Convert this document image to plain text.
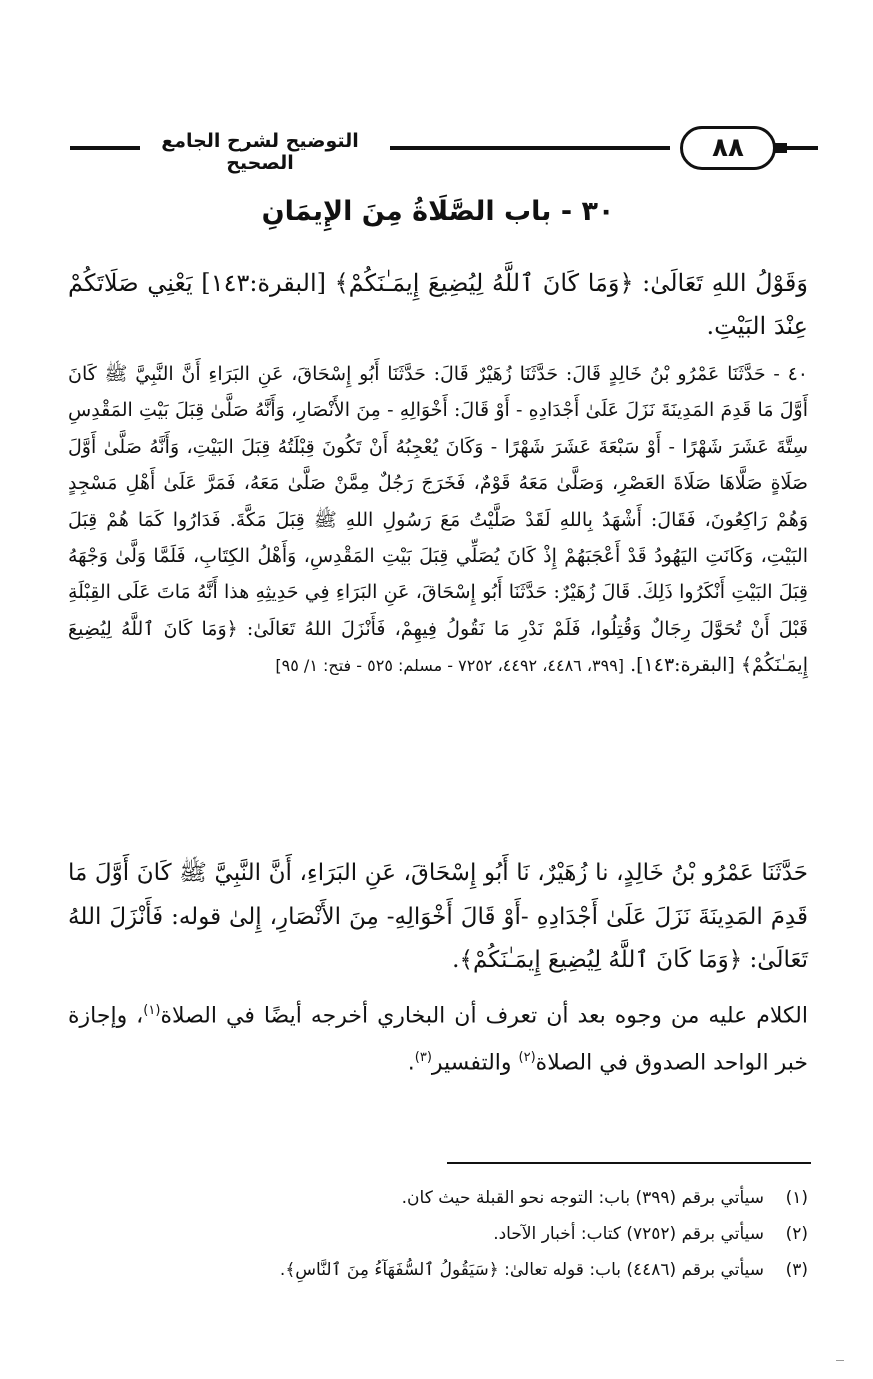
التوضيح لشرح الجامع الصحيح	٨٨
٣٠ - باب الصَّلَاةُ مِنَ الإِيمَانِ
وَقَوْلُ اللهِ تَعَالَىٰ: ﴿وَمَا كَانَ ٱللَّهُ لِيُضِيعَ إِيمَـٰنَكُمْ﴾ [البقرة:١٤٣] يَعْنِي صَلَاتَكُمْ عِنْدَ البَيْتِ.
٤٠ - حَدَّثَنَا عَمْرُو بْنُ خَالِدٍ قَالَ: حَدَّثَنَا زُهَيْرٌ قَالَ: حَدَّثَنَا أَبُو إِسْحَاقَ، عَنِ البَرَاءِ أَنَّ النَّبِيَّ ﷺ كَانَ أَوَّلَ مَا قَدِمَ المَدِينَةَ نَزَلَ عَلَىٰ أَجْدَادِهِ - أَوْ قَالَ: أَخْوَالِهِ - مِنَ الأَنْصَارِ، وَأَنَّهُ صَلَّىٰ قِبَلَ بَيْتِ المَقْدِسِ سِتَّةَ عَشَرَ شَهْرًا - أَوْ سَبْعَةَ عَشَرَ شَهْرًا - وَكَانَ يُعْجِبُهُ أَنْ تَكُونَ قِبْلَتُهُ قِبَلَ البَيْتِ، وَأَنَّهُ صَلَّىٰ أَوَّلَ صَلَاةٍ صَلَّاهَا صَلَاةَ العَصْرِ، وَصَلَّىٰ مَعَهُ قَوْمٌ، فَخَرَجَ رَجُلٌ مِمَّنْ صَلَّىٰ مَعَهُ، فَمَرَّ عَلَىٰ أَهْلِ مَسْجِدٍ وَهُمْ رَاكِعُونَ، فَقَالَ: أَشْهَدُ بِاللهِ لَقَدْ صَلَّيْتُ مَعَ رَسُولِ اللهِ ﷺ قِبَلَ مَكَّةَ. فَدَارُوا كَمَا هُمْ قِبَلَ البَيْتِ، وَكَانَتِ اليَهُودُ قَدْ أَعْجَبَهُمْ إِذْ كَانَ يُصَلِّي قِبَلَ بَيْتِ المَقْدِسِ، وَأَهْلُ الكِتَابِ، فَلَمَّا وَلَّىٰ وَجْهَهُ قِبَلَ البَيْتِ أَنْكَرُوا ذَلِكَ. قَالَ زُهَيْرٌ: حَدَّثَنَا أَبُو إِسْحَاقَ، عَنِ البَرَاءِ فِي حَدِيثِهِ هذا أَنَّهُ مَاتَ عَلَى القِبْلَةِ قَبْلَ أَنْ تُحَوَّلَ رِجَالٌ وَقُتِلُوا، فَلَمْ نَدْرِ مَا نَقُولُ فِيهِمْ، فَأَنْزَلَ اللهُ تَعَالَىٰ: ﴿وَمَا كَانَ ٱللَّهُ لِيُضِيعَ إِيمَـٰنَكُمْ﴾ [البقرة:١٤٣]. [٣٩٩، ٤٤٨٦، ٤٤٩٢، ٧٢٥٢ - مسلم: ٥٢٥ - فتح: ١/ ٩٥]
حَدَّثَنَا عَمْرُو بْنُ خَالِدٍ، نا زُهَيْرٌ، نَا أَبُو إِسْحَاقَ، عَنِ البَرَاءِ، أَنَّ النَّبِيَّ ﷺ كَانَ أَوَّلَ مَا قَدِمَ المَدِينَةَ نَزَلَ عَلَىٰ أَجْدَادِهِ -أَوْ قَالَ أَخْوَالِهِ- مِنَ الأَنْصَارِ، إِلىٰ قوله: فَأَنْزَلَ اللهُ تَعَالَىٰ: ﴿وَمَا كَانَ ٱللَّهُ لِيُضِيعَ إِيمَـٰنَكُمْ﴾.
الكلام عليه من وجوه بعد أن تعرف أن البخاري أخرجه أيضًا في الصلاة$^{(١)}$، وإجازة خبر الواحد الصدوق في الصلاة$^{(٢)}$ والتفسير$^{(٣)}$.
(١)سيأتي برقم (٣٩٩) باب: التوجه نحو القبلة حيث كان.
(٢)سيأتي برقم (٧٢٥٢) كتاب: أخبار الآحاد.
(٣)سيأتي برقم (٤٤٨٦) باب: قوله تعالىٰ: ﴿سَيَقُولُ ٱلسُّفَهَآءُ مِنَ ٱلنَّاسِ﴾.
